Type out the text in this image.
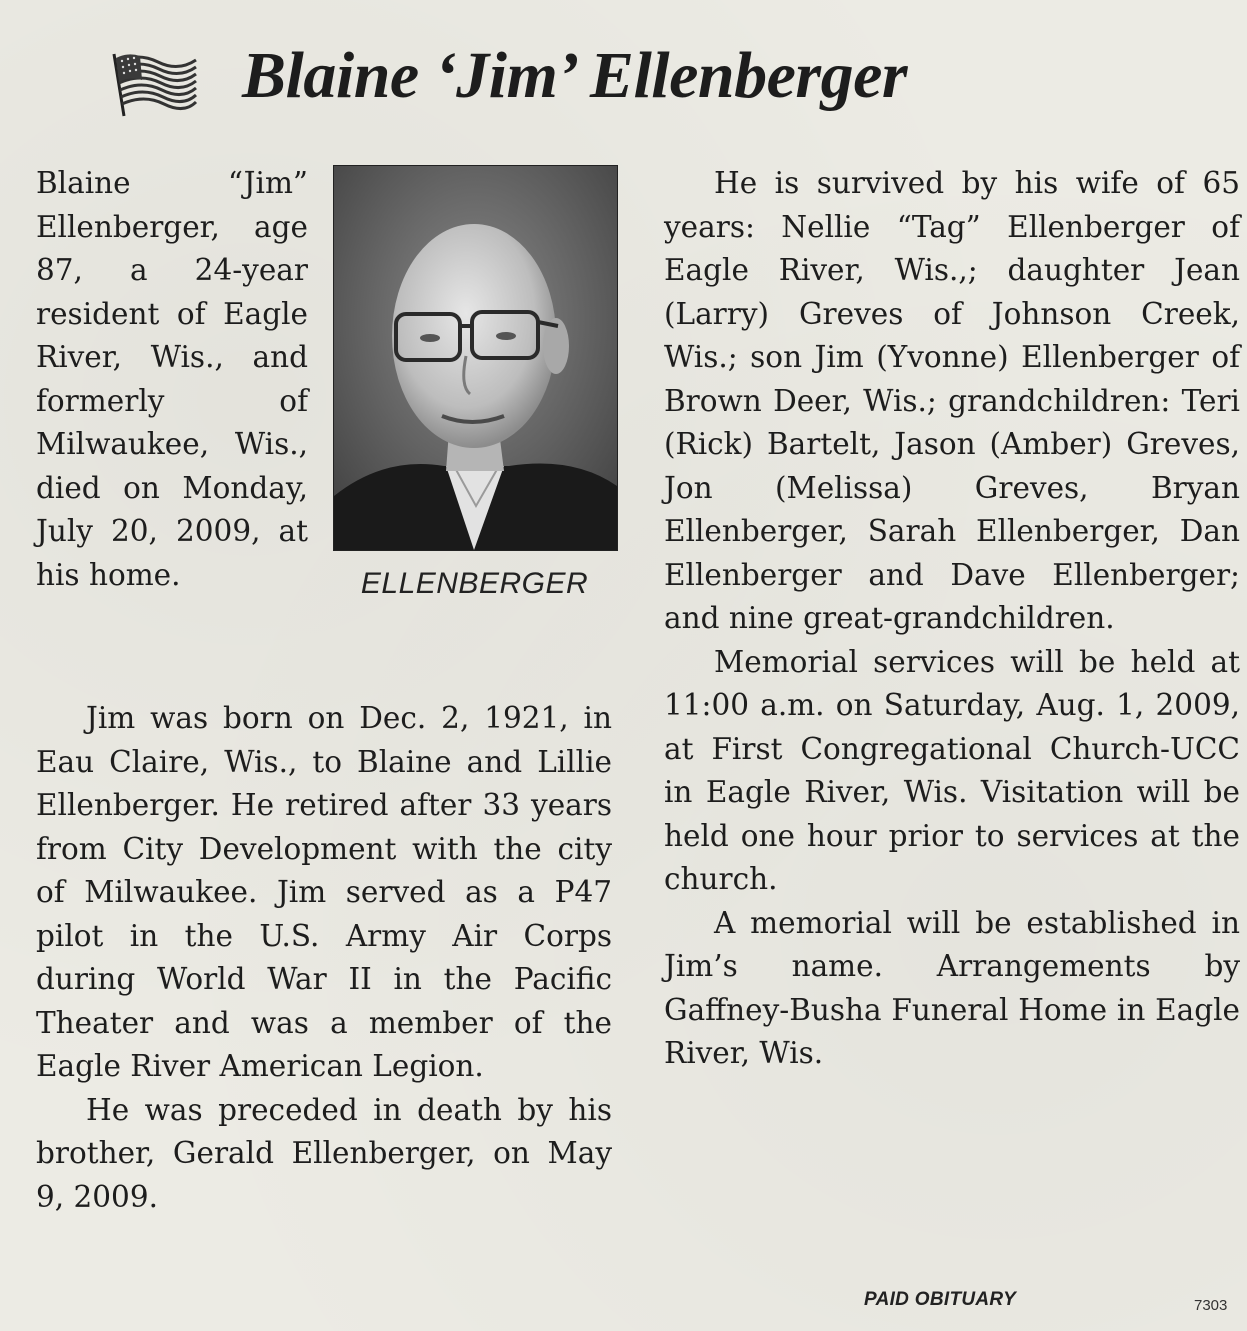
Blaine ‘Jim’ Ellenberger
ELLENBERGER

Blaine “Jim” Ellenberger, age 87, a 24-year resident of Eagle River, Wis., and formerly of Milwaukee, Wis., died on Monday, July 20, 2009, at his home.

Jim was born on Dec. 2, 1921, in Eau Claire, Wis., to Blaine and Lillie Ellenberger. He retired after 33 years from City Development with the city of Milwaukee. Jim served as a P47 pilot in the U.S. Army Air Corps during World War II in the Pacific Theater and was a member of the Eagle River American Legion.

He was preceded in death by his brother, Gerald Ellenberger, on May 9, 2009.

He is survived by his wife of 65 years: Nellie “Tag” Ellenberger of Eagle River, Wis.,; daughter Jean (Larry) Greves of Johnson Creek, Wis.; son Jim (Yvonne) Ellenberger of Brown Deer, Wis.; grandchildren: Teri (Rick) Bartelt, Jason (Amber) Greves, Jon (Melissa) Greves, Bryan Ellenberger, Sarah Ellenberger, Dan Ellenberger and Dave Ellenberger; and nine great-grandchildren.

Memorial services will be held at 11:00 a.m. on Saturday, Aug. 1, 2009, at First Congregational Church-UCC in Eagle River, Wis. Visitation will be held one hour prior to services at the church.

A memorial will be established in Jim’s name. Arrangements by Gaffney-Busha Funeral Home in Eagle River, Wis.

PAID OBITUARY	7303
